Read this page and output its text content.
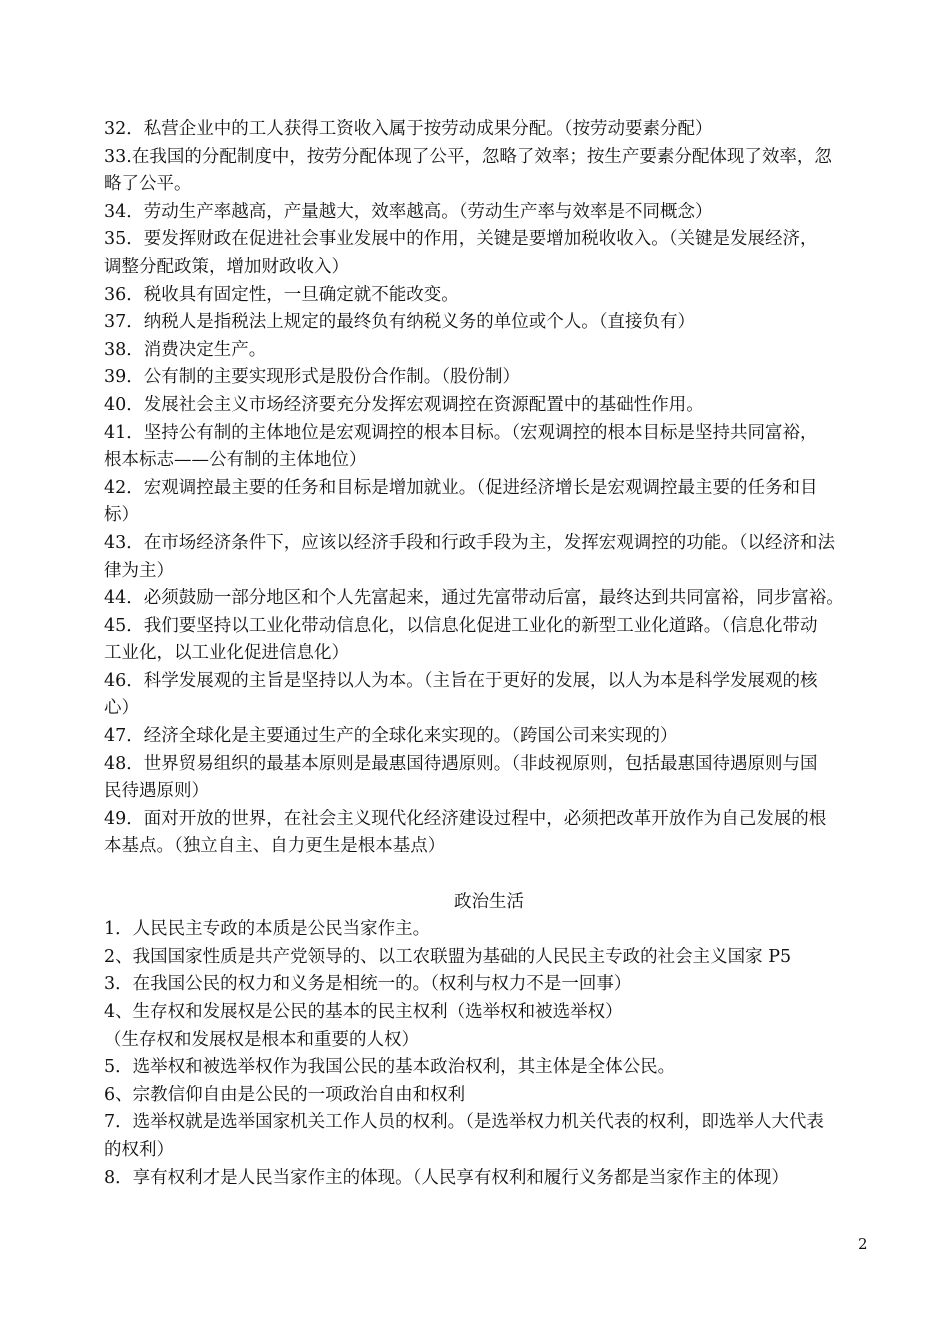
32．私营企业中的工人获得工资收入属于按劳动成果分配。（按劳动要素分配）
33.在我国的分配制度中，按劳分配体现了公平，忽略了效率；按生产要素分配体现了效率，忽
略了公平。
34．劳动生产率越高，产量越大，效率越高。（劳动生产率与效率是不同概念）
35．要发挥财政在促进社会事业发展中的作用，关键是要增加税收收入。（关键是发展经济，
调整分配政策，增加财政收入）
36．税收具有固定性，一旦确定就不能改变。
37．纳税人是指税法上规定的最终负有纳税义务的单位或个人。（直接负有）
38．消费决定生产。
39．公有制的主要实现形式是股份合作制。（股份制）
40．发展社会主义市场经济要充分发挥宏观调控在资源配置中的基础性作用。
41．坚持公有制的主体地位是宏观调控的根本目标。（宏观调控的根本目标是坚持共同富裕，
根本标志——公有制的主体地位）
42．宏观调控最主要的任务和目标是增加就业。（促进经济增长是宏观调控最主要的任务和目
标）
43．在市场经济条件下，应该以经济手段和行政手段为主，发挥宏观调控的功能。（以经济和法
律为主）
44．必须鼓励一部分地区和个人先富起来，通过先富带动后富，最终达到共同富裕，同步富裕。
45．我们要坚持以工业化带动信息化，以信息化促进工业化的新型工业化道路。（信息化带动
工业化，以工业化促进信息化）
46．科学发展观的主旨是坚持以人为本。（主旨在于更好的发展，以人为本是科学发展观的核
心）
47．经济全球化是主要通过生产的全球化来实现的。（跨国公司来实现的）
48．世界贸易组织的最基本原则是最惠国待遇原则。（非歧视原则，包括最惠国待遇原则与国
民待遇原则）
49．面对开放的世界，在社会主义现代化经济建设过程中，必须把改革开放作为自己发展的根
本基点。（独立自主、自力更生是根本基点）
政治生活
1．人民民主专政的本质是公民当家作主。
2、我国国家性质是共产党领导的、以工农联盟为基础的人民民主专政的社会主义国家 P5
3．在我国公民的权力和义务是相统一的。（权利与权力不是一回事）
4、生存权和发展权是公民的基本的民主权利（选举权和被选举权）
（生存权和发展权是根本和重要的人权）
5．选举权和被选举权作为我国公民的基本政治权利，其主体是全体公民。
6、宗教信仰自由是公民的一项政治自由和权利
7．选举权就是选举国家机关工作人员的权利。（是选举权力机关代表的权利，即选举人大代表
的权利）
8．享有权利才是人民当家作主的体现。（人民享有权利和履行义务都是当家作主的体现）
2
